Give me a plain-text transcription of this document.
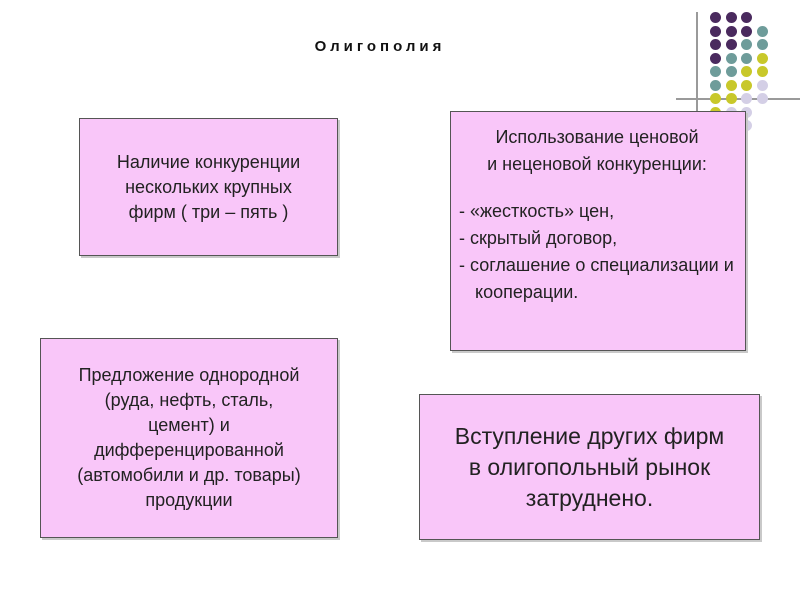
Олигополия
Наличие конкуренции
нескольких крупных
фирм ( три – пять )
Использование ценовой
и неценовой конкуренции:
- «жесткость» цен,
- скрытый договор,
- соглашение о специализации и кооперации.
Предложение однородной
(руда, нефть, сталь,
цемент) и
дифференцированной
(автомобили и др. товары)
продукции
Вступление других фирм
в олигопольный рынок
затруднено.
